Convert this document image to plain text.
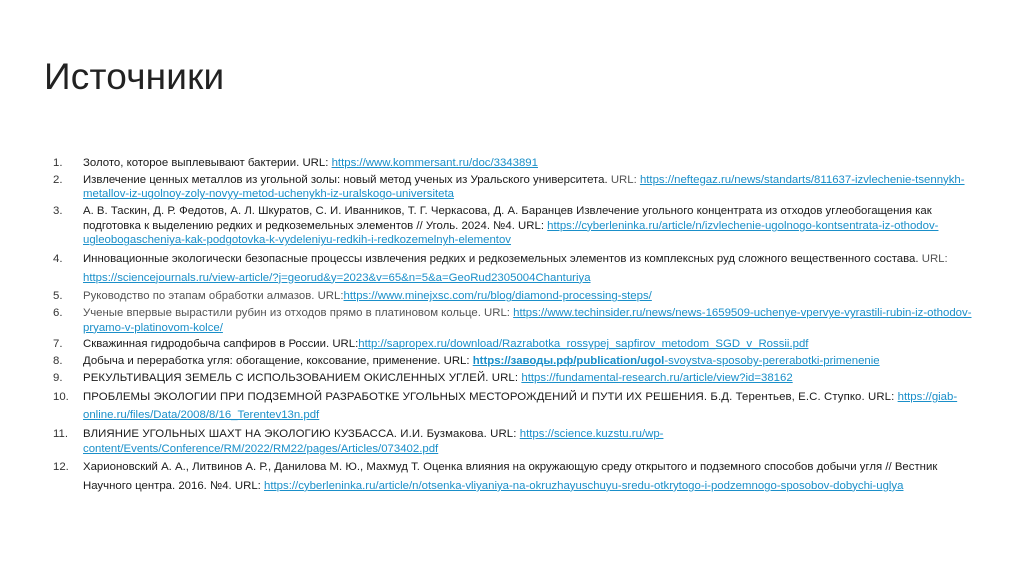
Источники
1.	Золото, которое выплевывают бактерии. URL: https://www.kommersant.ru/doc/3343891
2.	Извлечение ценных металлов из угольной золы: новый метод ученых из Уральского университета. URL: https://neftegaz.ru/news/standarts/811637-izvlechenie-tsennykh-metallov-iz-ugolnoy-zoly-novyy-metod-uchenykh-iz-uralskogo-universiteta
3.	А. В. Таскин, Д. Р. Федотов, А. Л. Шкуратов, С. И. Иванников, Т. Г. Черкасова, Д. А. Баранцев Извлечение угольного концентрата из отходов углеобогащения как подготовка к выделению редких и редкоземельных элементов // Уголь. 2024. №4. URL: https://cyberleninka.ru/article/n/izvlechenie-ugolnogo-kontsentrata-iz-othodov-ugleobogascheniya-kak-podgotovka-k-vydeleniyu-redkih-i-redkozemelnyh-elementov
4.	Инновационные экологически безопасные процессы извлечения редких и редкоземельных элементов из комплексных руд сложного вещественного состава. URL: https://sciencejournals.ru/view-article/?j=georud&y=2023&v=65&n=5&a=GeoRud2305004Chanturiya
5.	Руководство по этапам обработки алмазов. URL:https://www.minejxsc.com/ru/blog/diamond-processing-steps/
6.	Ученые впервые вырастили рубин из отходов прямо в платиновом кольце. URL: https://www.techinsider.ru/news/news-1659509-uchenye-vpervye-vyrastili-rubin-iz-othodov-pryamo-v-platinovom-kolce/
7.	Скважинная гидродобыча сапфиров в России. URL:http://sapropex.ru/download/Razrabotka_rossypej_sapfirov_metodom_SGD_v_Rossii.pdf
8.	Добыча и переработка угля: обогащение, коксование, применение. URL: https://заводы.рф/publication/ugol-svoystva-sposoby-pererabotki-primenenie
9.	РЕКУЛЬТИВАЦИЯ ЗЕМЕЛЬ С ИСПОЛЬЗОВАНИЕМ ОКИСЛЕННЫХ УГЛЕЙ. URL: https://fundamental-research.ru/article/view?id=38162
10.	ПРОБЛЕМЫ ЭКОЛОГИИ ПРИ ПОДЗЕМНОЙ РАЗРАБОТКЕ УГОЛЬНЫХ МЕСТОРОЖДЕНИЙ И ПУТИ ИХ РЕШЕНИЯ. Б.Д. Терентьев, Е.С. Ступко. URL: https://giab-online.ru/files/Data/2008/8/16_Terentev13n.pdf
11.	ВЛИЯНИЕ УГОЛЬНЫХ ШАХТ НА ЭКОЛОГИЮ КУЗБАССА. И.И. Бузмакова. URL: https://science.kuzstu.ru/wp-content/Events/Conference/RM/2022/RM22/pages/Articles/073402.pdf
12.	Харионовский А. А., Литвинов А. Р., Данилова М. Ю., Махмуд Т. Оценка влияния на окружающую среду открытого и подземного способов добычи угля // Вестник Научного центра. 2016. №4. URL: https://cyberleninka.ru/article/n/otsenka-vliyaniya-na-okruzhayuschuyu-sredu-otkrytogo-i-podzemnogo-sposobov-dobychi-uglya
